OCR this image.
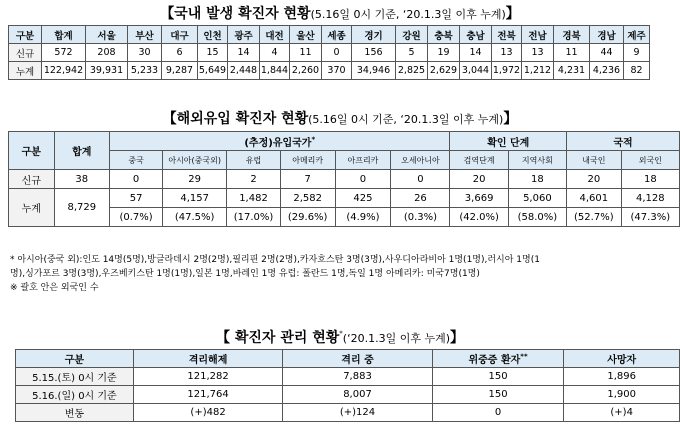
【국내 발생 확진자 현황(5.16일 0시 기준, ‘20.1.3일 이후 누계)】
구분	합계	서울	부산	대구	인천	광주	대전	울산	세종	경기	강원	충북	충남	전북	전남	경북	경남	제주
신규	572	208	30	6	15	14	4	11	0	156	5	19	14	13	13	11	44	9
누계	122,942	39,931	5,233	9,287	5,649	2,448	1,844	2,260	370	34,946	2,825	2,629	3,044	1,972	1,212	4,231	4,236	82
【해외유입 확진자 현황(5.16일 0시 기준, ‘20.1.3일 이후 누계)】
구분	합계	(추정)유입국가*						확인 단계		국적	
		중국	아시아(중국외)	유럽	아메리카	아프리카	오세아니아	검역단계	지역사회	내국인	외국인
신규	38	0	29	2	7	0	0	20	18	20	18
누계	8,729	57	4,157	1,482	2,582	425	26	3,669	5,060	4,601	4,128
		(0.7%)	(47.5%)	(17.0%)	(29.6%)	(4.9%)	(0.3%)	(42.0%)	(58.0%)	(52.7%)	(47.3%)
* 아시아(중국 외):인도 14명(5명),방글라데시 2명(2명),필리핀 2명(2명),카자흐스탄 3명(3명),사우디아라비아 1명(1명),러시아 1명(1
명),싱가포르 3명(3명),우즈베키스탄 1명(1명),일본 1명,바레인 1명 유럽: 폴란드 1명,독일 1명 아메리카: 미국7명(1명)
※ 괄호 안은 외국인 수
【 확진자 관리 현황*(‘20.1.3일 이후 누계)】
구분	격리해제	격리 중	위중증 환자**	사망자
5.15.(토) 0시 기준	121,282	7,883	150	1,896
5.16.(일) 0시 기준	121,764	8,007	150	1,900
변동	(+)482	(+)124	0	(+)4
